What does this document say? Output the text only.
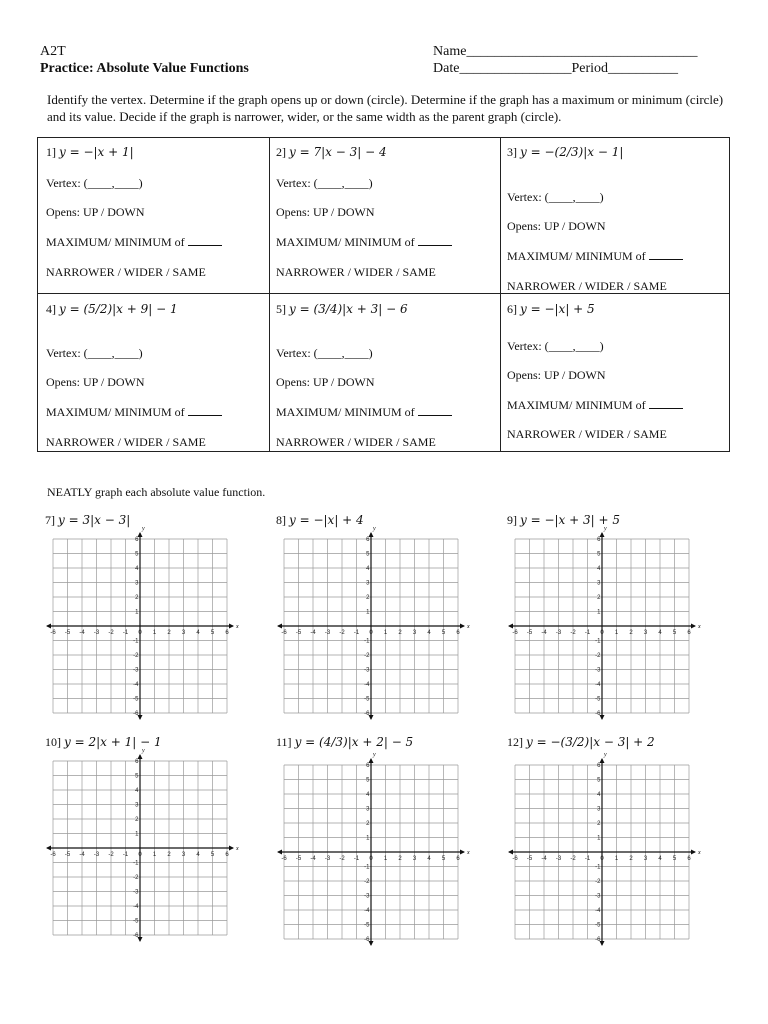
A2T
Practice: Absolute Value Functions
Name_________________________________
Date________________Period__________
Identify the vertex. Determine if the graph opens up or down (circle). Determine if the graph has a maximum or minimum (circle) and its value. Decide if the graph is narrower, wider, or the same width as the parent graph (circle).
1] y = −|x + 1|
Vertex: (____,____)
Opens: UP / DOWN
MAXIMUM/ MINIMUM of
NARROWER / WIDER / SAME
2] y = 7|x − 3| − 4
Vertex: (____,____)
Opens: UP / DOWN
MAXIMUM/ MINIMUM of
NARROWER / WIDER / SAME
3] y = −(2/3)|x − 1|
Vertex: (____,____)
Opens: UP / DOWN
MAXIMUM/ MINIMUM of
NARROWER / WIDER / SAME
4] y = (5/2)|x + 9| − 1
Vertex: (____,____)
Opens: UP / DOWN
MAXIMUM/ MINIMUM of
NARROWER / WIDER / SAME
5] y = (3/4)|x + 3| − 6
Vertex: (____,____)
Opens: UP / DOWN
MAXIMUM/ MINIMUM of
NARROWER / WIDER / SAME
6] y = −|x| + 5
Vertex: (____,____)
Opens: UP / DOWN
MAXIMUM/ MINIMUM of
NARROWER / WIDER / SAME
NEATLY graph each absolute value function.
7] y = 3|x − 3|	8] y = −|x| + 4	9] y = −|x + 3| + 5
10] y = 2|x + 1| − 1	11] y = (4/3)|x + 2| − 5	12] y = −(3/2)|x − 3| + 2
x
y
-6
6
-5
5
-4
4
-3
3
-2
2
-1
1
0 1
-1
2
-2
3
-3
4
-4
5
-5
6
-6
x
y
-6
6
-5
5
-4
4
-3
3
-2
2
-1
1
0 1
-1
2
-2
3
-3
4
-4
5
-5
6
-6
x
y
-6
6
-5
5
-4
4
-3
3
-2
2
-1
1
0 1
-1
2
-2
3
-3
4
-4
5
-5
6
-6
x
y
-6
6
-5
5
-4
4
-3
3
-2
2
-1
1
0 1
-1
2
-2
3
-3
4
-4
5
-5
6
-6
x
y
-6
6
-5
5
-4
4
-3
3
-2
2
-1
1
0 1
-1
2
-2
3
-3
4
-4
5
-5
6
-6
x
y
-6
6
-5
5
-4
4
-3
3
-2
2
-1
1
0 1
-1
2
-2
3
-3
4
-4
5
-5
6
-6
